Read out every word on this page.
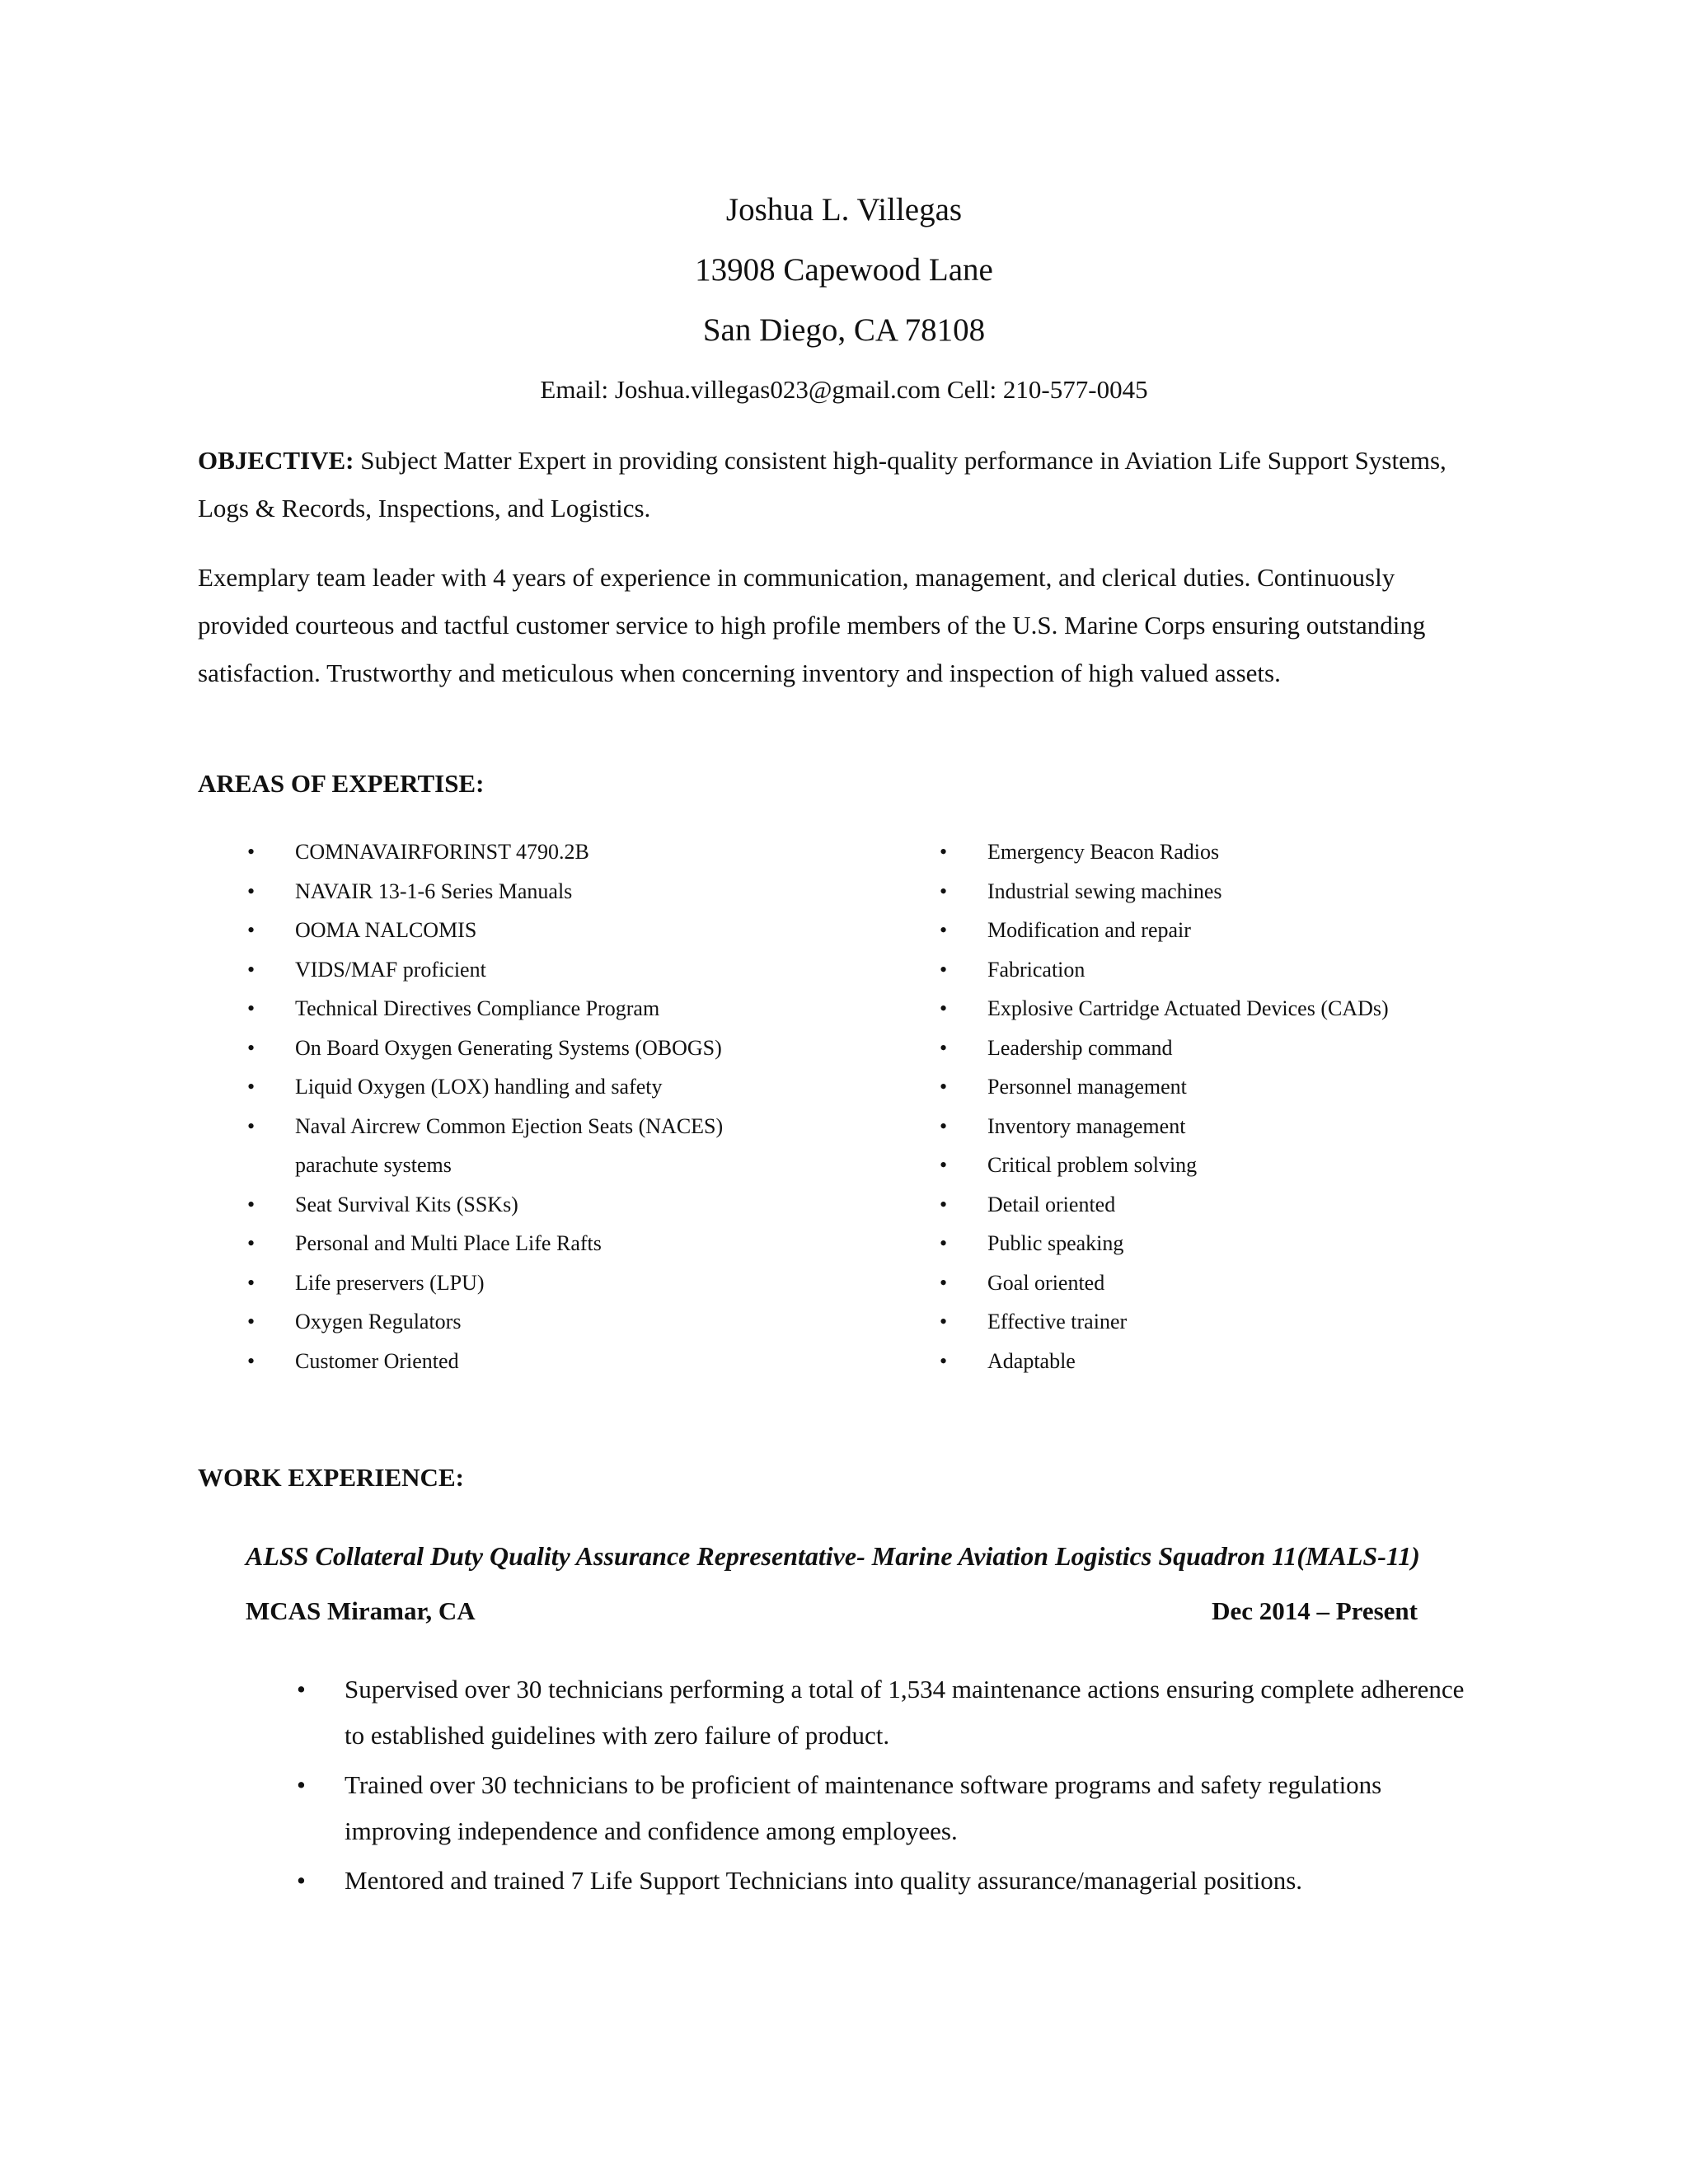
Joshua L. Villegas
13908 Capewood Lane
San Diego, CA 78108
Email: Joshua.villegas023@gmail.com Cell: 210-577-0045
OBJECTIVE: Subject Matter Expert in providing consistent high-quality performance in Aviation Life Support Systems, Logs & Records, Inspections, and Logistics.
Exemplary team leader with 4 years of experience in communication, management, and clerical duties. Continuously provided courteous and tactful customer service to high profile members of the U.S. Marine Corps ensuring outstanding satisfaction. Trustworthy and meticulous when concerning inventory and inspection of high valued assets.
AREAS OF EXPERTISE:
• COMNAVAIRFORINST 4790.2B
• NAVAIR 13-1-6 Series Manuals
• OOMA NALCOMIS
• VIDS/MAF proficient
• Technical Directives Compliance Program
• On Board Oxygen Generating Systems (OBOGS)
• Liquid Oxygen (LOX) handling and safety
• Naval Aircrew Common Ejection Seats (NACES) parachute systems
• Seat Survival Kits (SSKs)
• Personal and Multi Place Life Rafts
• Life preservers (LPU)
• Oxygen Regulators
• Customer Oriented
• Emergency Beacon Radios
• Industrial sewing machines
• Modification and repair
• Fabrication
• Explosive Cartridge Actuated Devices (CADs)
• Leadership command
• Personnel management
• Inventory management
• Critical problem solving
• Detail oriented
• Public speaking
• Goal oriented
• Effective trainer
• Adaptable
WORK EXPERIENCE:
ALSS Collateral Duty Quality Assurance Representative- Marine Aviation Logistics Squadron 11(MALS-11)
MCAS Miramar, CA	Dec 2014 – Present
• Supervised over 30 technicians performing a total of 1,534 maintenance actions ensuring complete adherence to established guidelines with zero failure of product.
• Trained over 30 technicians to be proficient of maintenance software programs and safety regulations improving independence and confidence among employees.
• Mentored and trained 7 Life Support Technicians into quality assurance/managerial positions.
